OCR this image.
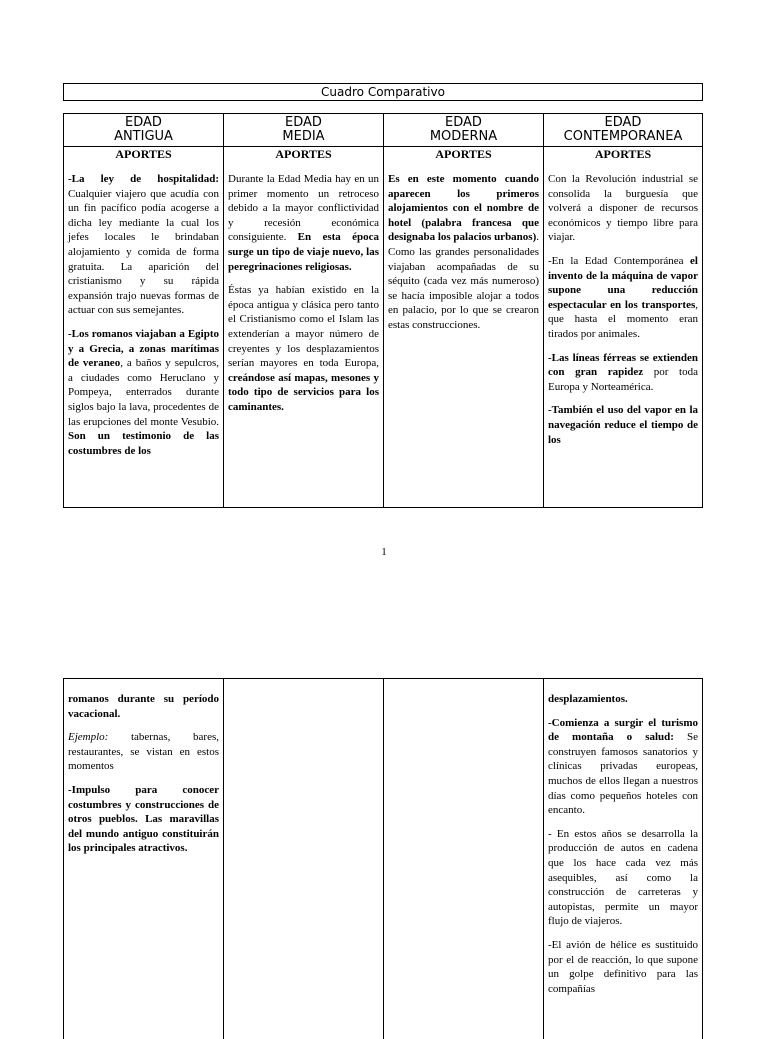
Cuadro Comparativo
EDAD
ANTIGUA
APORTES

-La ley de hospitalidad: Cualquier viajero que acudía con un fin pacífico podía acogerse a dicha ley mediante la cual los jefes locales le brindaban alojamiento y comida de forma gratuita. La aparición del cristianismo y su rápida expansión trajo nuevas formas de actuar con sus semejantes.

-Los romanos viajaban a Egipto y a Grecia, a zonas marítimas de veraneo, a baños y sepulcros, a ciudades como Heruclano y Pompeya, enterrados durante siglos bajo la lava, procedentes de las erupciones del monte Vesubio. Son un testimonio de las costumbres de los

EDAD
MEDIA
APORTES

Durante la Edad Media hay en un primer momento un retroceso debido a la mayor conflictividad y recesión económica consiguiente. En esta época surge un tipo de viaje nuevo, las peregrinaciones religiosas.

Éstas ya habían existido en la época antigua y clásica pero tanto el Cristianismo como el Islam las extenderían a mayor número de creyentes y los desplazamientos serían mayores en toda Europa, creándose así mapas, mesones y todo tipo de servicios para los caminantes.

EDAD
MODERNA
APORTES

Es en este momento cuando aparecen los primeros alojamientos con el nombre de hotel (palabra francesa que designaba los palacios urbanos). Como las grandes personalidades viajaban acompañadas de su séquito (cada vez más numeroso) se hacía imposible alojar a todos en palacio, por lo que se crearon estas construcciones.

EDAD
CONTEMPORANEA
APORTES

Con la Revolución industrial se consolida la burguesía que volverá a disponer de recursos económicos y tiempo libre para viajar.

-En la Edad Contemporánea el invento de la máquina de vapor supone una reducción espectacular en los transportes, que hasta el momento eran tirados por animales.

-Las líneas férreas se extienden con gran rapidez por toda Europa y Norteamérica.

-También el uso del vapor en la navegación reduce el tiempo de los

1

romanos durante su período vacacional.

Ejemplo: tabernas, bares, restaurantes, se vistan en estos momentos

-Impulso para conocer costumbres y construcciones de otros pueblos. Las maravillas del mundo antiguo constituirán los principales atractivos.

desplazamientos.

-Comienza a surgir el turismo de montaña o salud: Se construyen famosos sanatorios y clínicas privadas europeas, muchos de ellos llegan a nuestros días como pequeños hoteles con encanto.

- En estos años se desarrolla la producción de autos en cadena que los hace cada vez más asequibles, así como la construcción de carreteras y autopistas, permite un mayor flujo de viajeros.

-El avión de hélice es sustituido por el de reacción, lo que supone un golpe definitivo para las compañías
